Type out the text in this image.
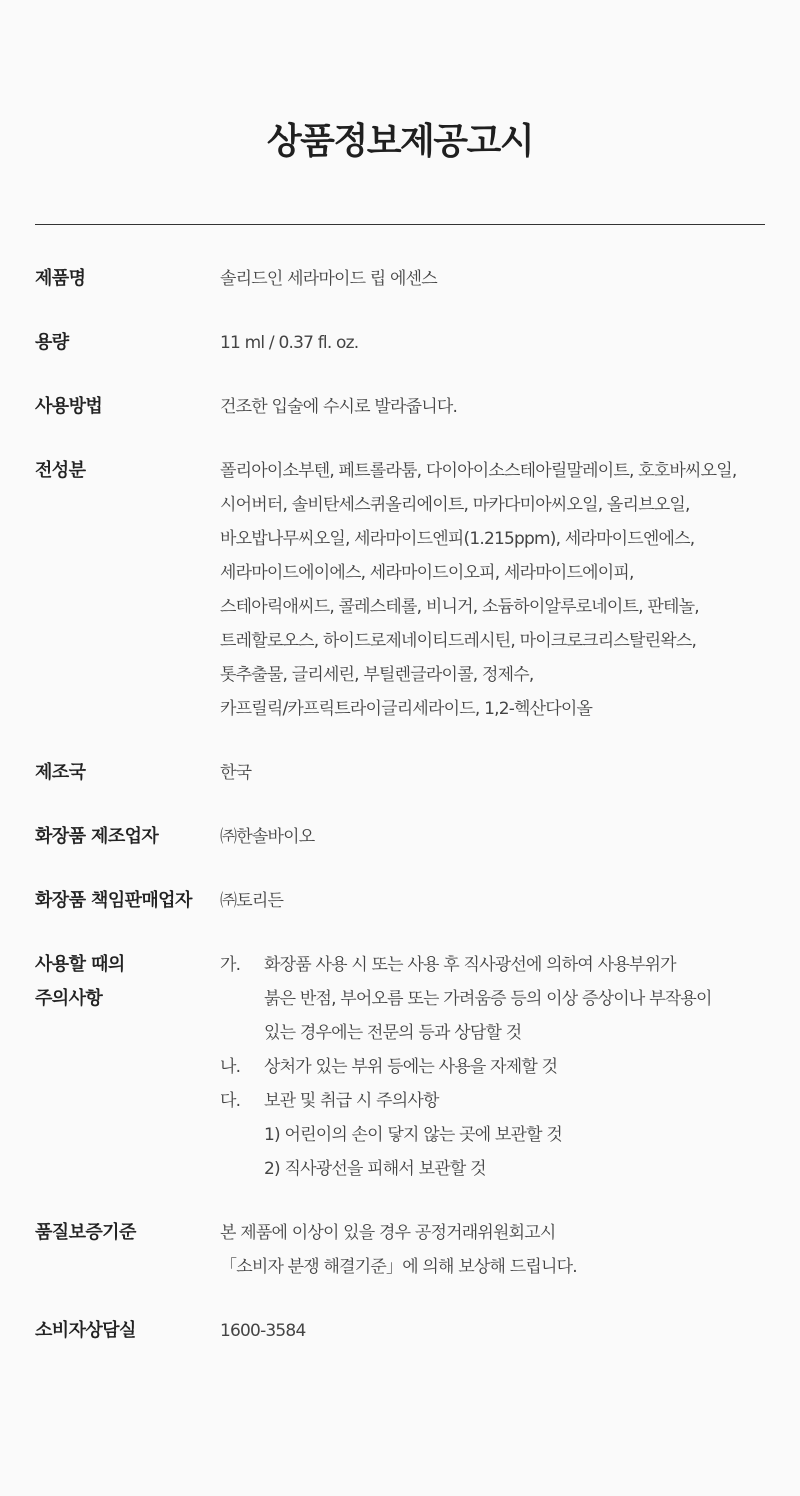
상품정보제공고시
제품명	솔리드인 세라마이드 립 에센스
용량	11 ml / 0.37 fl. oz.
사용방법	건조한 입술에 수시로 발라줍니다.
전성분	폴리아이소부텐, 페트롤라툼, 다이아이소스테아릴말레이트, 호호바씨오일,
시어버터, 솔비탄세스퀴올리에이트, 마카다미아씨오일, 올리브오일,
바오밥나무씨오일, 세라마이드엔피(1.215ppm), 세라마이드엔에스,
세라마이드에이에스, 세라마이드이오피, 세라마이드에이피,
스테아릭애씨드, 콜레스테롤, 비니거, 소듐하이알루로네이트, 판테놀,
트레할로오스, 하이드로제네이티드레시틴, 마이크로크리스탈린왁스,
톳추출물, 글리세린, 부틸렌글라이콜, 정제수,
카프릴릭/카프릭트라이글리세라이드, 1,2-헥산다이올
제조국	한국
화장품 제조업자	㈜한솔바이오
화장품 책임판매업자	㈜토리든
사용할 때의
주의사항
가.	화장품 사용 시 또는 사용 후 직사광선에 의하여 사용부위가
붉은 반점, 부어오름 또는 가려움증 등의 이상 증상이나 부작용이
있는 경우에는 전문의 등과 상담할 것
나.	상처가 있는 부위 등에는 사용을 자제할 것
다.	보관 및 취급 시 주의사항
1) 어린이의 손이 닿지 않는 곳에 보관할 것
2) 직사광선을 피해서 보관할 것
품질보증기준	본 제품에 이상이 있을 경우 공정거래위원회고시
「소비자 분쟁 해결기준」에 의해 보상해 드립니다.
소비자상담실	1600-3584
